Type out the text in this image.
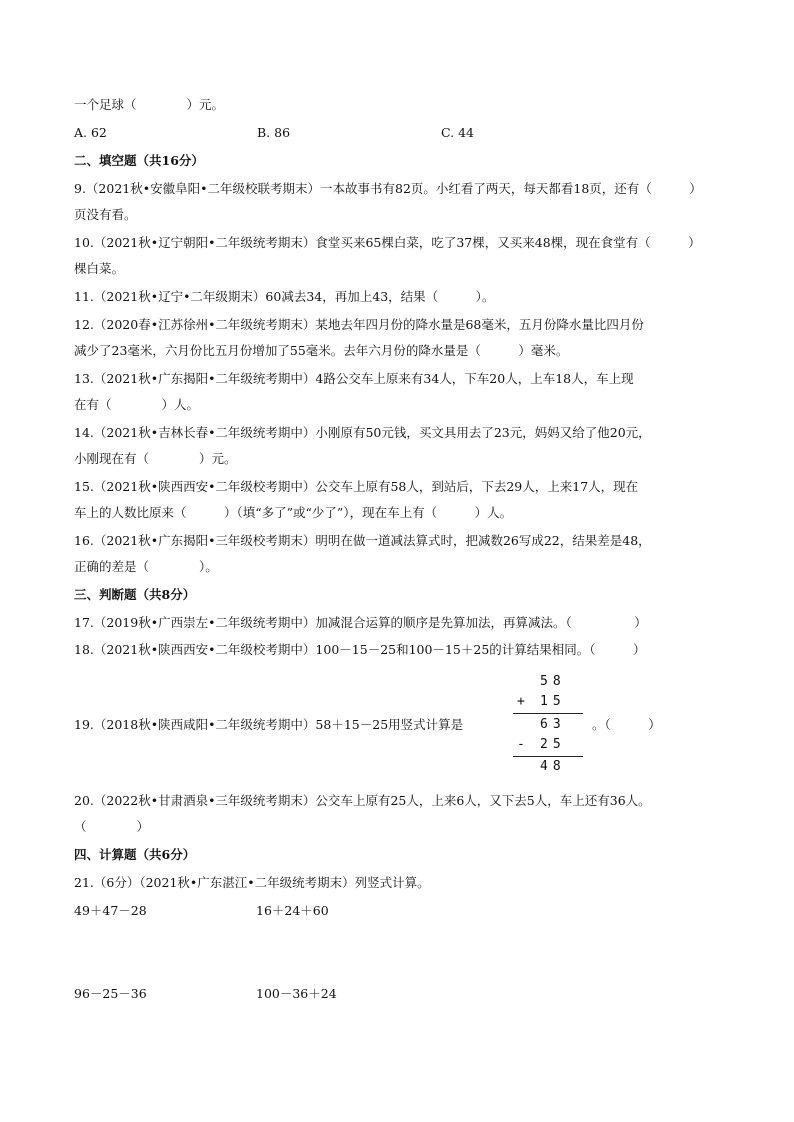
一个足球（　　　　）元。
A. 62	B. 86	C. 44
二、填空题（共16分）
9.（2021秋•安徽阜阳•二年级校联考期末）一本故事书有82页。小红看了两天，每天都看18页，还有（　　　）
页没有看。
10.（2021秋•辽宁朝阳•二年级统考期末）食堂买来65棵白菜，吃了37棵，又买来48棵，现在食堂有（　　　）
棵白菜。
11.（2021秋•辽宁•二年级期末）60减去34，再加上43，结果（　　　）。
12.（2020春•江苏徐州•二年级统考期末）某地去年四月份的降水量是68毫米，五月份降水量比四月份
减少了23毫米，六月份比五月份增加了55毫米。去年六月份的降水量是（　　　）毫米。
13.（2021秋•广东揭阳•二年级统考期中）4路公交车上原来有34人，下车20人，上车18人，车上现
在有（　　　　）人。
14.（2021秋•吉林长春•二年级统考期中）小刚原有50元钱，买文具用去了23元，妈妈又给了他20元，
小刚现在有（　　　　）元。
15.（2021秋•陕西西安•二年级校考期中）公交车上原有58人，到站后，下去29人，上来17人，现在
车上的人数比原来（　　　）（填“多了”或“少了”），现在车上有（　　　）人。
16.（2021秋•广东揭阳•三年级校考期末）明明在做一道减法算式时，把减数26写成22，结果差是48，
正确的差是（　　　　）。
三、判断题（共8分）
17.（2019秋•广西崇左•二年级统考期中）加减混合运算的顺序是先算加法，再算减法。（　　　　　）
18.（2021秋•陕西西安•二年级校考期中）100－15－25和100－15＋25的计算结果相同。（　　　）
19.（2018秋•陕西咸阳•二年级统考期中）58＋15－25用竖式计算是
58
+ 15
63
- 25
48
。（　　　）
20.（2022秋•甘肃酒泉•三年级统考期末）公交车上原有25人，上来6人，又下去5人，车上还有36人。
（　　　　）
四、计算题（共6分）
21.（6分）（2021秋•广东湛江•二年级统考期末）列竖式计算。
49＋47－28	16＋24＋60
96－25－36	100－36＋24
